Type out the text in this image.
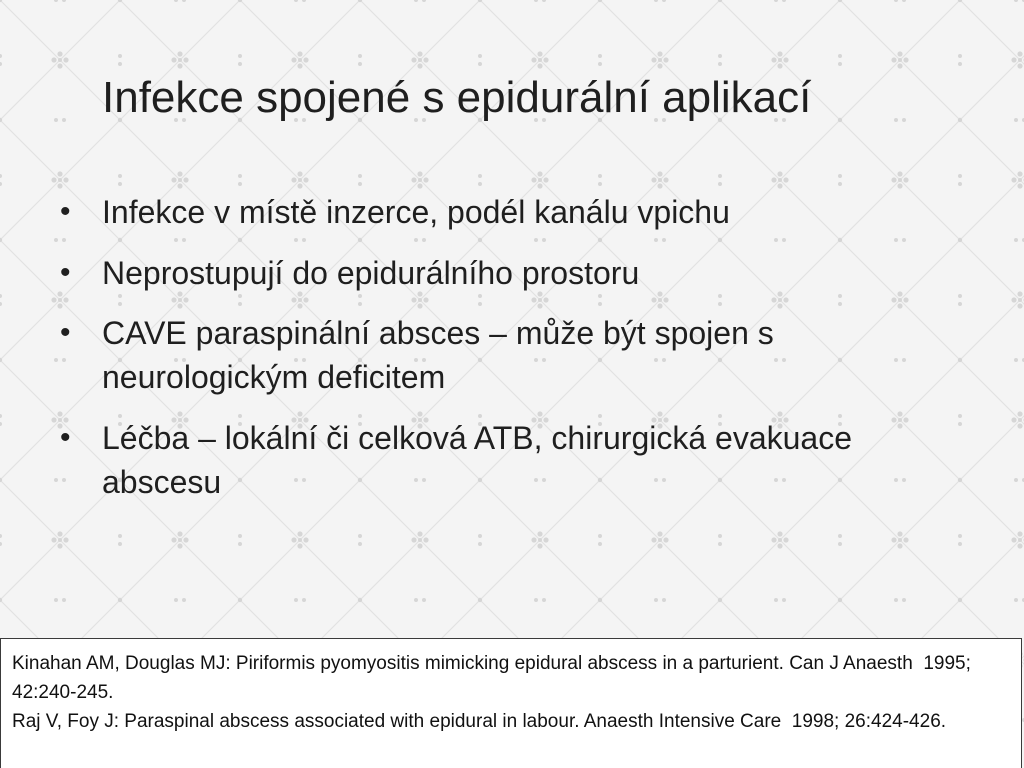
Infekce spojené s epidurální aplikací
• Infekce v místě inzerce, podél kanálu vpichu
• Neprostupují do epidurálního prostoru
• CAVE paraspinální absces – může být spojen s neurologickým deficitem
• Léčba – lokální či celková ATB, chirurgická evakuace abscesu

Kinahan AM, Douglas MJ: Piriformis pyomyositis mimicking epidural abscess in a parturient. Can J Anaesth  1995; 42:240-245.

Raj V, Foy J: Paraspinal abscess associated with epidural in labour. Anaesth Intensive Care  1998; 26:424-426.
